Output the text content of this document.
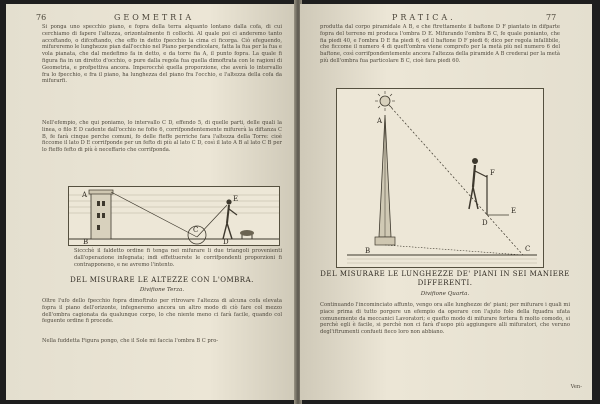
76	GEOMETRIA

Si ponga uno specchio piano, e fopra della terra alquanto lontano dalla cofa, di cui cerchiamo di fapere l'altezza, orizontalmente fi collochi. Al quale poi ci anderemo tanto accoftando, o difcoftando, che effo in detto fpecchio la cima ci ficorga. Ciò efeguendo, mifureremo le lunghezze pian dall'occhio nel Piano perpendicolare, fatta la fua per la fua e vola pianata, che dal medefimo fa in detto, e da torre fia A, il punto fopra. La quale fi figura fia in un diretto d'occhio, o pure dalla regola fua quella dimoftrata con le ragioni di Geometria, e profpettiva ancora. Imperocchè quella proporzione, che averà lo intervallo fra lo fpecchio, e fra il piano, ha lunghezza del piano fra l'occhio, e l'altezza della cofa da mifurarfi.

Nell'efempio, che qui poniamo, lo intervallo C D, effendo 5, di quelle parti, delle quali la linea, o filo E D cadente dall'occhio ne fofie 6, corrifpondentemente mifurerà la diftanza C B, fe farà cinque perche comuni, fo delle fteffe perriche fara l'altezza della Torre: cioè ficcome il lato D E corrifponde per un fefto di più al lato C D, così il lato A B al lato C B per lo fteffo fefto di più è neceffario che corrifponda.

A
B
C
D
E

Siccchè il faldetto ordine fi tenga nei mifurare li due triangoli provenienti dall'operazione infegnata; indi effettuerete le corrifpondenti proporzioni fi contrapponeno, e ne avremo l'intento.

DEL MISURARE LE ALTEZZE CON L'OMBRA.
Divifione Terza.

Oltre l'ufo dello fpecchio fopra dimoftrato per ritrovare l'altezza di alcuna cofa elevata fopra il piano dell'orizonte, infegneremo ancora un altro modo di ciò fare col mezzo dell'ombra cagionata da qualunque corpo, lo che niente meno ci farà facile, quando col feguente ordine fi procede.

Nella fuddetta Figura pongo, che il Sole mi faccia l'ombra B C pro-

PRATICA.	77

produtta dal corpo piramidale A B, e che ftrettamente il baftone D F piantato in difparte fopra del terreno mi produca l'ombra D E. Mifurando l'ombra B C, fe quale ponianto, che fia piedi 40, e l'ombra D E fia piedi 6, ed il baftone D F piedi 6; dico per regola infallibile, che ficcome il numero 4 di queft'ombra viene comprefo per la metà più nel numero 6 del baftone, così corrifpondentemente ancora l'altezza della piramide A B crederai per la metà più dell'ombra fua particolare B C, cioè fara piedi 60.

A
B	C
D
E
F
DEL MISURARE LE LUNGHEZZE DE' PIANI IN SEI MANIERE DIFFERENTI.
Divifione Quarta.

Continuando l'incominciato affunto, vengo ora alle lunghezze de' piani; per mifurare i quali mi piace prima di tutto porgere un efempio da operare con l'ajuto folo della fquadra ufata comunemente da meccanici Lavoratori; e quefto modo di mifurare fortera fi molto comodo, si perchè egli è facile, si perchè non ci farà d'uopo più aggiungere alli mifuratori, che veruno degl'iftrumenti confueti fieco loro non abbiano.

Ven-
